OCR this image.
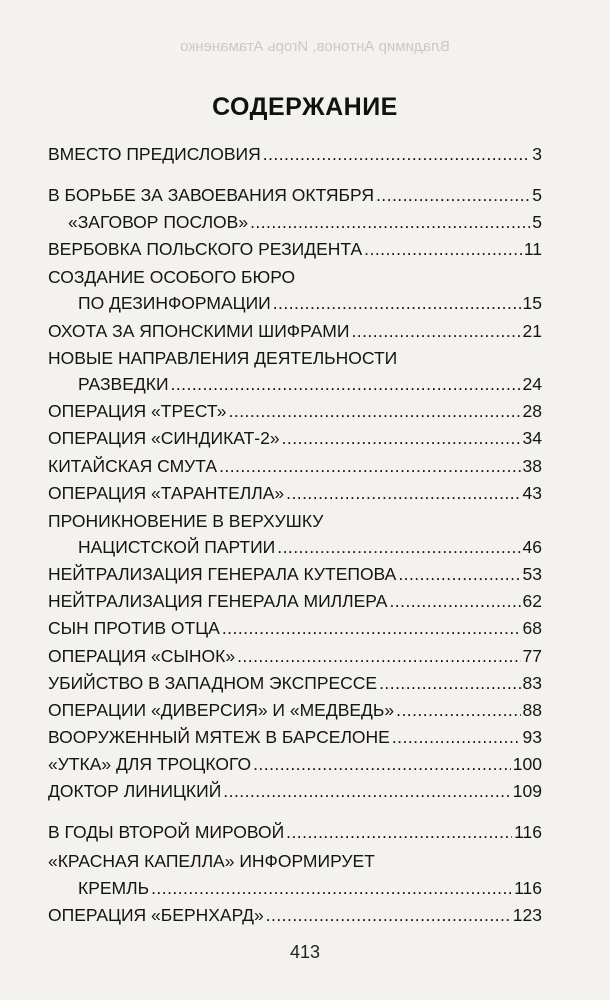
Владимир Антонов, Игорь Атаманенко
СОДЕРЖАНИЕ
ВМЕСТО ПРЕДИСЛОВИЯ . . .	3
В БОРЬБЕ ЗА ЗАВОЕВАНИЯ ОКТЯБРЯ . . .	5
«ЗАГОВОР ПОСЛОВ» . . .	5
ВЕРБОВКА ПОЛЬСКОГО РЕЗИДЕНТА . . .	11
СОЗДАНИЕ ОСОБОГО БЮРО
ПО ДЕЗИНФОРМАЦИИ . . .	15
ОХОТА ЗА ЯПОНСКИМИ ШИФРАМИ . . .	21
НОВЫЕ НАПРАВЛЕНИЯ ДЕЯТЕЛЬНОСТИ
РАЗВЕДКИ . . .	24
ОПЕРАЦИЯ «ТРЕСТ» . . .	28
ОПЕРАЦИЯ «СИНДИКАТ-2» . . .	34
КИТАЙСКАЯ СМУТА . . .	38
ОПЕРАЦИЯ «ТАРАНТЕЛЛА» . . .	43
ПРОНИКНОВЕНИЕ В ВЕРХУШКУ
НАЦИСТСКОЙ ПАРТИИ . . .	46
НЕЙТРАЛИЗАЦИЯ ГЕНЕРАЛА КУТЕПОВА . . .	53
НЕЙТРАЛИЗАЦИЯ ГЕНЕРАЛА МИЛЛЕРА . . .	62
СЫН ПРОТИВ ОТЦА . . .	68
ОПЕРАЦИЯ «СЫНОК» . . .	77
УБИЙСТВО В ЗАПАДНОМ ЭКСПРЕССЕ . . .	83
ОПЕРАЦИИ «ДИВЕРСИЯ» И «МЕДВЕДЬ» . . .	88
ВООРУЖЕННЫЙ МЯТЕЖ В БАРСЕЛОНЕ . . .	93
«УТКА» ДЛЯ ТРОЦКОГО . . .	100
ДОКТОР ЛИНИЦКИЙ . . .	109
В ГОДЫ ВТОРОЙ МИРОВОЙ . . .	116
«КРАСНАЯ КАПЕЛЛА» ИНФОРМИРУЕТ
КРЕМЛЬ . . .	116
ОПЕРАЦИЯ «БЕРНХАРД» . . .	123
413
